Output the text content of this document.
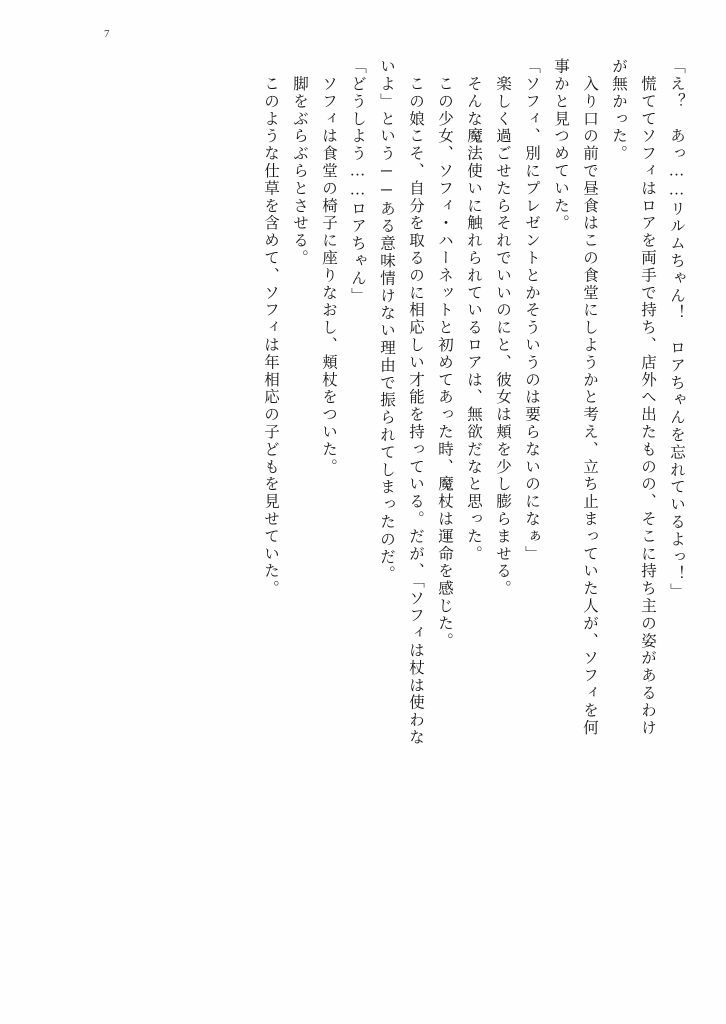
7
「え？　あっ……リルムちゃん！　ロアちゃんを忘れているよっ！」
　慌ててソフィはロアを両手で持ち、店外へ出たものの、そこに持ち主の姿があるわけ
が無かった。
　入り口の前で昼食はこの食堂にしようかと考え、立ち止まっていた人が、ソフィを何
事かと見つめていた。
「ソフィ、別にプレゼントとかそういうのは要らないのになぁ」
　楽しく過ごせたらそれでいいのにと、彼女は頬を少し膨らませる。
　そんな魔法使いに触れられているロアは、無欲だなと思った。
　この少女、ソフィ・ハーネットと初めてあった時、魔杖は運命を感じた。
　この娘こそ、自分を取るのに相応しい才能を持っている。だが、「ソフィは杖は使わな
いよ」という──ある意味情けない理由で振られてしまったのだ。
「どうしよう……ロアちゃん」
　ソフィは食堂の椅子に座りなおし、頬杖をついた。
　脚をぶらぶらとさせる。
　このような仕草を含めて、ソフィは年相応の子どもを見せていた。
